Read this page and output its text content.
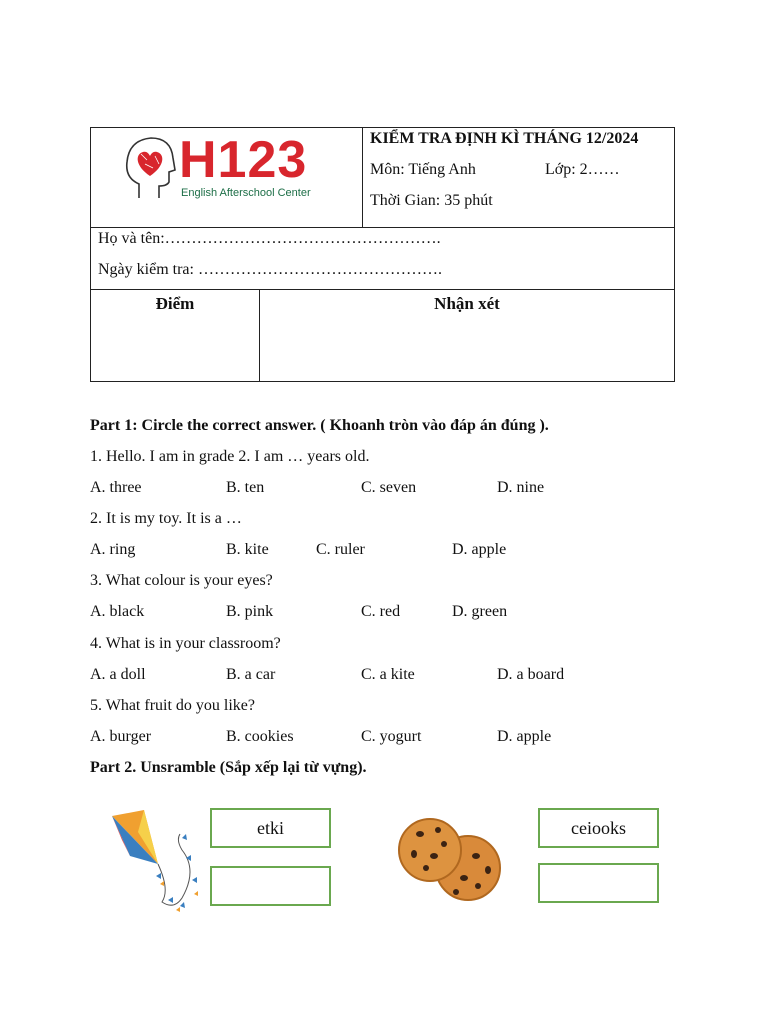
H123
English Afterschool Center
KIỂM TRA ĐỊNH KÌ THÁNG 12/2024
Môn: Tiếng Anh	Lớp: 2……
Thời Gian: 35 phút
Họ và tên:…………………………………………….
Ngày kiểm tra: ……………………………………….
Điểm	Nhận xét
Part 1: Circle the correct answer. ( Khoanh tròn vào đáp án đúng ).
1. Hello. I am in grade 2. I am … years old.
A. three	B. ten	C. seven	D. nine
2. It is my toy. It is a …
A. ring	B. kite	C. ruler	D. apple
3. What colour is your eyes?
A. black	B. pink	C. red	D. green
4. What is in your classroom?
A. a doll	B. a car	C. a kite	D. a board
5. What fruit do you like?
A. burger	B. cookies	C. yogurt	D. apple
Part 2. Unsramble (Sắp xếp lại từ vựng).
etki	ceiooks
